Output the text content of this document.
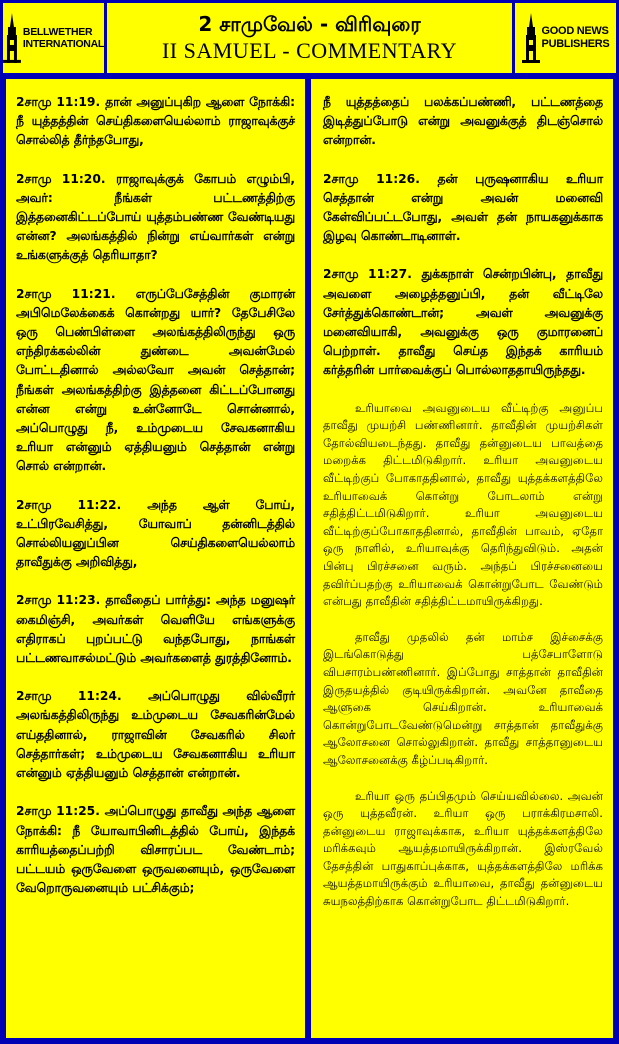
BELLWETHER
INTERNATIONAL
2 சாமுவேல் - விரிவுரை
II SAMUEL - COMMENTARY
GOOD NEWS
PUBLISHERS

2சாமு 11:19. தான் அனுப்புகிற ஆளை நோக்கி: நீ யுத்தத்தின் செய்திகளையெல்லாம் ராஜாவுக்குச் சொல்லித் தீர்ந்தபோது,

2சாமு 11:20. ராஜாவுக்குக் கோபம் எழும்பி, அவர்: நீங்கள் பட்டணத்திற்கு இத்தனைகிட்டப்போய் யுத்தம்பண்ண வேண்டியது என்ன? அலங்கத்தில் நின்று எய்வார்கள் என்று உங்களுக்குத் தெரியாதா?

2சாமு 11:21. எருப்பேசேத்தின் குமாரன் அபிமெலேக்கைக் கொன்றது யார்? தேபேசிலே ஒரு பெண்பிள்ளை அலங்கத்திலிருந்து ஒரு எந்திரக்கல்லின் துண்டை அவன்மேல் போட்டதினால் அல்லவோ அவன் செத்தான்; நீங்கள் அலங்கத்திற்கு இத்தனை கிட்டப்போனது என்ன என்று உன்னோடே சொன்னால், அப்பொழுது நீ, உம்முடைய சேவகனாகிய உரியா என்னும் ஏத்தியனும் செத்தான் என்று சொல் என்றான்.

2சாமு 11:22. அந்த ஆள் போய், உட்பிரவேசித்து, யோவாப் தன்னிடத்தில் சொல்லியனுப்பின செய்திகளையெல்லாம் தாவீதுக்கு அறிவித்து,

2சாமு 11:23. தாவீதைப் பார்த்து: அந்த மனுஷர் கைமிஞ்சி, அவர்கள் வெளியே எங்களுக்கு எதிராகப் புறப்பட்டு வந்தபோது, நாங்கள் பட்டணவாசல்மட்டும் அவர்களைத் துரத்தினோம்.

2சாமு 11:24. அப்பொழுது வில்வீரர் அலங்கத்திலிருந்து உம்முடைய சேவகரின்மேல் எய்ததினால், ராஜாவின் சேவகரில் சிலர் செத்தார்கள்; உம்முடைய சேவகனாகிய உரியா என்னும் ஏத்தியனும் செத்தான் என்றான்.

2சாமு 11:25. அப்பொழுது தாவீது அந்த ஆளை நோக்கி: நீ யோவாபினிடத்தில் போய், இந்தக் காரியத்தைப்பற்றி விசாரப்பட வேண்டாம்; பட்டயம் ஒருவேளை ஒருவனையும், ஒருவேளை வேறொருவனையும் பட்சிக்கும்;

நீ யுத்தத்தைப் பலக்கப்பண்ணி, பட்டணத்தை இடித்துப்போடு என்று அவனுக்குத் திடஞ்சொல் என்றான்.

2சாமு 11:26. தன் புருஷனாகிய உரியா செத்தான் என்று அவன் மனைவி கேள்விப்பட்டபோது, அவள் தன் நாயகனுக்காக இழவு கொண்டாடினாள்.

2சாமு 11:27. துக்கநாள் சென்றபின்பு, தாவீது அவளை அழைத்தனுப்பி, தன் வீட்டிலே சேர்த்துக்கொண்டான்; அவள் அவனுக்கு மனைவியாகி, அவனுக்கு ஒரு குமாரனைப் பெற்றாள். தாவீது செய்த இந்தக் காரியம் கர்த்தரின் பார்வைக்குப் பொல்லாததாயிருந்தது.

உரியாவை அவனுடைய வீட்டிற்கு அனுப்ப தாவீது முயற்சி பண்ணினார். தாவீதின் முயற்சிகள் தோல்வியடைந்தது. தாவீது தன்னுடைய பாவத்தை மறைக்க திட்டமிடுகிறார். உரியா அவனுடைய வீட்டிற்குப் போகாததினால், தாவீது யுத்தக்களத்திலே உரியாவைக் கொன்று போடலாம் என்று சதித்திட்டமிடுகிறார். உரியா அவனுடைய வீட்டிற்குப்போகாததினால், தாவீதின் பாவம், ஏதோ ஒரு நாளில், உரியாவுக்கு தெரிந்துவிடும். அதன் பின்பு பிரச்சனை வரும். அந்தப் பிரச்சனையை தவிர்ப்பதற்கு உரியாவைக் கொன்றுபோட வேண்டும் என்பது தாவீதின் சதித்திட்டமாயிருக்கிறது.

தாவீது முதலில் தன் மாம்ச இச்சைக்கு இடங்கொடுத்து பத்சேபாளோடு விபசாரம்பண்ணினார். இப்போது சாத்தான் தாவீதின் இருதயத்தில் குடியிருக்கிறான். அவனே தாவீதை ஆளுகை செய்கிறான். உரியாவைக் கொன்றுபோடவேண்டுமென்று சாத்தான் தாவீதுக்கு ஆலோசனை சொல்லுகிறான். தாவீது சாத்தானுடைய ஆலோசனைக்கு கீழ்ப்படிகிறார்.

உரியா ஒரு தப்பிதமும் செய்யவில்லை. அவன் ஒரு யுத்தவீரன். உரியா ஒரு பராக்கிரமசாலி. தன்னுடைய ராஜாவுக்காக, உரியா யுத்தக்களத்திலே மரிக்கவும் ஆயத்தமாயிருக்கிறான். இஸ்ரவேல் தேசத்தின் பாதுகாப்புக்காக, யுத்தக்களத்திலே மரிக்க ஆயத்தமாயிருக்கும் உரியாவை, தாவீது தன்னுடைய சுயநலத்திற்காக கொன்றுபோட திட்டமிடுகிறார்.
